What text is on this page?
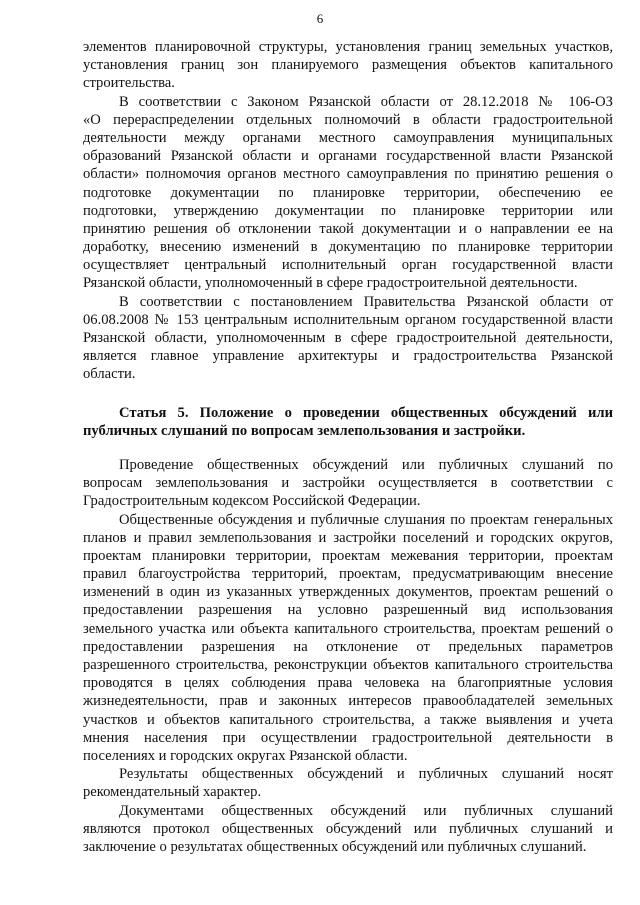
6
элементов планировочной структуры, установления границ земельных участков,
установления границ зон планируемого размещения объектов капитального
строительства.
В соответствии с Законом Рязанской области от 28.12.2018 № 106-ОЗ
«О перераспределении отдельных полномочий в области градостроительной
деятельности между органами местного самоуправления муниципальных
образований Рязанской области и органами государственной власти Рязанской
области» полномочия органов местного самоуправления по принятию решения о
подготовке документации по планировке территории, обеспечению ее
подготовки, утверждению документации по планировке территории или
принятию решения об отклонении такой документации и о направлении ее на
доработку, внесению изменений в документацию по планировке территории
осуществляет центральный исполнительный орган государственной власти
Рязанской области, уполномоченный в сфере градостроительной деятельности.
В соответствии с постановлением Правительства Рязанской области от
06.08.2008 № 153 центральным исполнительным органом государственной власти
Рязанской области, уполномоченным в сфере градостроительной деятельности,
является главное управление архитектуры и градостроительства Рязанской
области.
Статья 5. Положение о проведении общественных обсуждений или
публичных слушаний по вопросам землепользования и застройки.
Проведение общественных обсуждений или публичных слушаний по
вопросам землепользования и застройки осуществляется в соответствии с
Градостроительным кодексом Российской Федерации.
Общественные обсуждения и публичные слушания по проектам генеральных
планов и правил землепользования и застройки поселений и городских округов,
проектам планировки территории, проектам межевания территории, проектам
правил благоустройства территорий, проектам, предусматривающим внесение
изменений в один из указанных утвержденных документов, проектам решений о
предоставлении разрешения на условно разрешенный вид использования
земельного участка или объекта капитального строительства, проектам решений о
предоставлении разрешения на отклонение от предельных параметров
разрешенного строительства, реконструкции объектов капитального строительства
проводятся в целях соблюдения права человека на благоприятные условия
жизнедеятельности, прав и законных интересов правообладателей земельных
участков и объектов капитального строительства, а также выявления и учета
мнения населения при осуществлении градостроительной деятельности в
поселениях и городских округах Рязанской области.
Результаты общественных обсуждений и публичных слушаний носят
рекомендательный характер.
Документами общественных обсуждений или публичных слушаний
являются протокол общественных обсуждений или публичных слушаний и
заключение о результатах общественных обсуждений или публичных слушаний.
